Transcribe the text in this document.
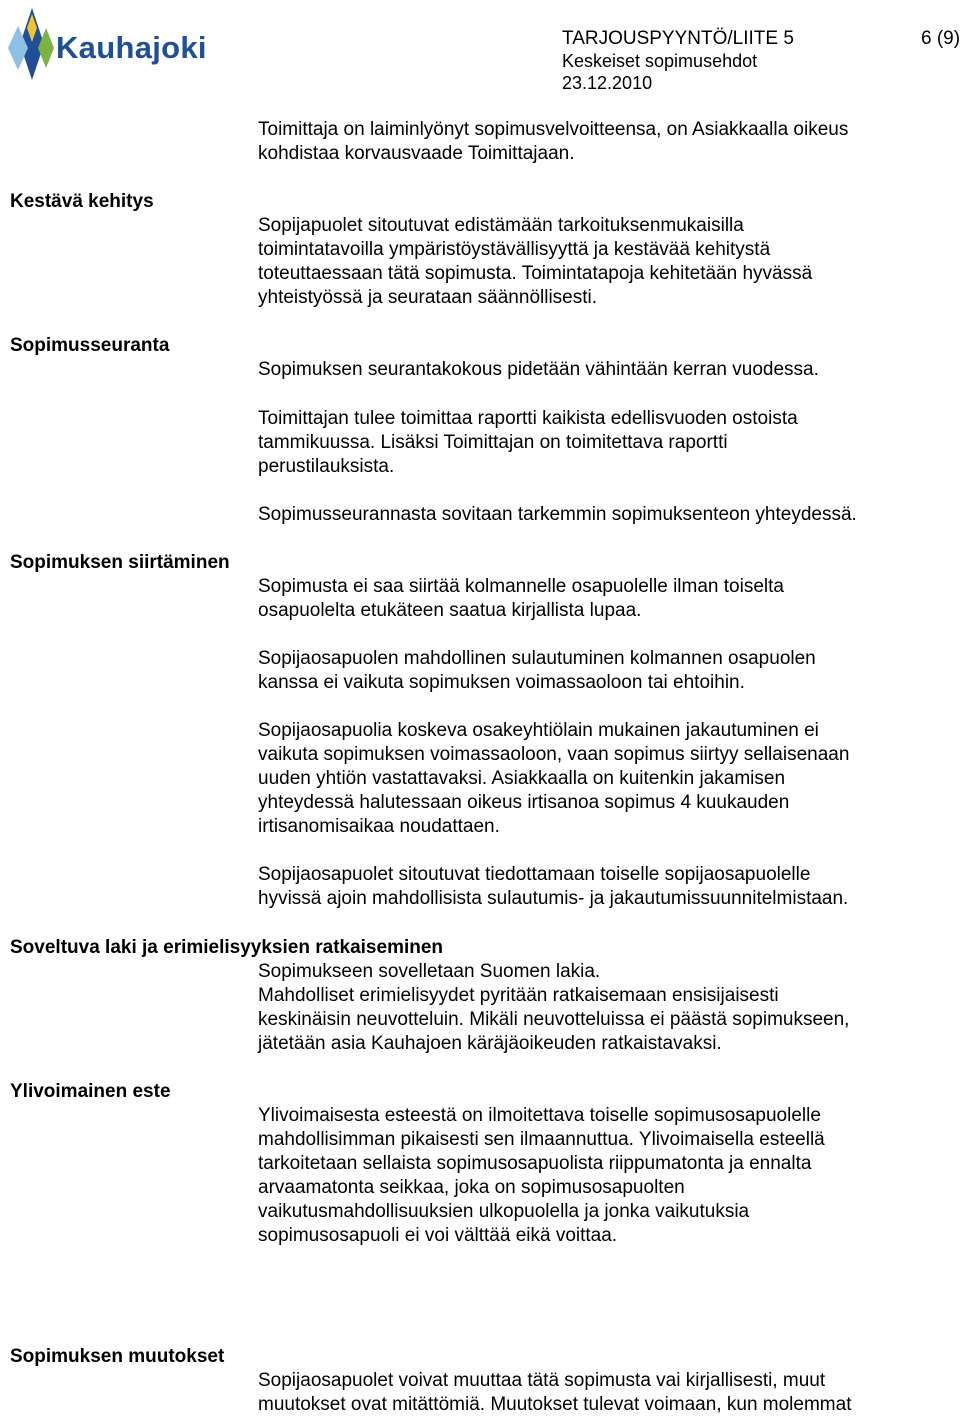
Kauhajoki	TARJOUSPYYNTÖ/LIITE 5
Keskeiset sopimusehdot
23.12.2010
6 (9)
Kestävä kehitys
Sopimusseuranta
Sopimuksen siirtäminen
Soveltuva laki ja erimielisyyksien ratkaiseminen
Ylivoimainen este
Sopimuksen muutokset
Toimittaja on laiminlyönyt sopimusvelvoitteensa, on Asiakkaalla oikeus
kohdistaa korvausvaade Toimittajaan.
Sopijapuolet sitoutuvat edistämään tarkoituksenmukaisilla
toimintatavoilla ympäristöystävällisyyttä ja kestävää kehitystä
toteuttaessaan tätä sopimusta. Toimintatapoja kehitetään hyvässä
yhteistyössä ja seurataan säännöllisesti.
Sopimuksen seurantakokous pidetään vähintään kerran vuodessa.
Toimittajan tulee toimittaa raportti kaikista edellisvuoden ostoista
tammikuussa. Lisäksi Toimittajan on toimitettava raportti
perustilauksista.
Sopimusseurannasta sovitaan tarkemmin sopimuksenteon yhteydessä.
Sopimusta ei saa siirtää kolmannelle osapuolelle ilman toiselta
osapuolelta etukäteen saatua kirjallista lupaa.
Sopijaosapuolen mahdollinen sulautuminen kolmannen osapuolen
kanssa ei vaikuta sopimuksen voimassaoloon tai ehtoihin.
Sopijaosapuolia koskeva osakeyhtiölain mukainen jakautuminen ei
vaikuta sopimuksen voimassaoloon, vaan sopimus siirtyy sellaisenaan
uuden yhtiön vastattavaksi. Asiakkaalla on kuitenkin jakamisen
yhteydessä halutessaan oikeus irtisanoa sopimus 4 kuukauden
irtisanomisaikaa noudattaen.
Sopijaosapuolet sitoutuvat tiedottamaan toiselle sopijaosapuolelle
hyvissä ajoin mahdollisista sulautumis- ja jakautumissuunnitelmistaan.
Sopimukseen sovelletaan Suomen lakia.
Mahdolliset erimielisyydet pyritään ratkaisemaan ensisijaisesti
keskinäisin neuvotteluin. Mikäli neuvotteluissa ei päästä sopimukseen,
jätetään asia Kauhajoen käräjäoikeuden ratkaistavaksi.
Ylivoimaisesta esteestä on ilmoitettava toiselle sopimusosapuolelle
mahdollisimman pikaisesti sen ilmaannuttua. Ylivoimaisella esteellä
tarkoitetaan sellaista sopimusosapuolista riippumatonta ja ennalta
arvaamatonta seikkaa, joka on sopimusosapuolten
vaikutusmahdollisuuksien ulkopuolella ja jonka vaikutuksia
sopimusosapuoli ei voi välttää eikä voittaa.
Sopijaosapuolet voivat muuttaa tätä sopimusta vai kirjallisesti, muut
muutokset ovat mitättömiä. Muutokset tulevat voimaan, kun molemmat
